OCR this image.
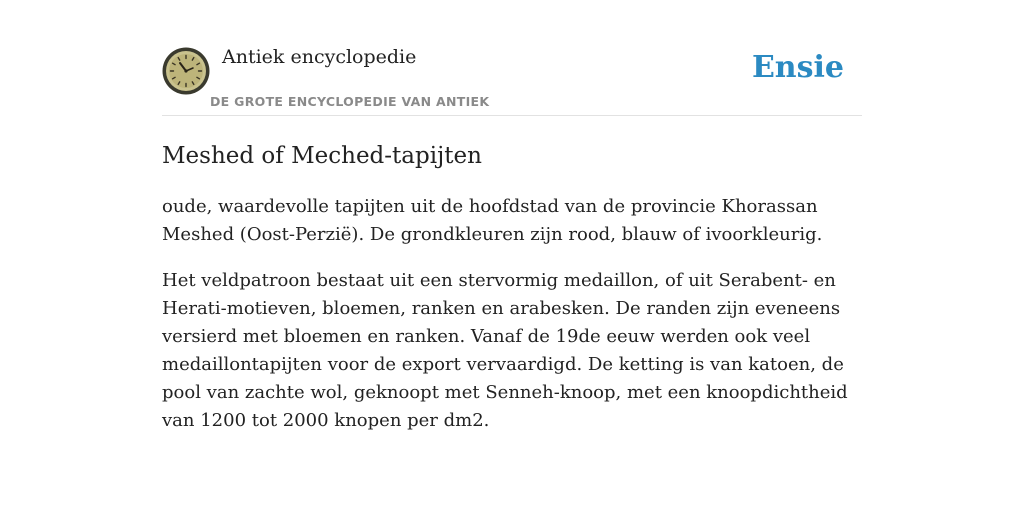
Antiek encyclopedie
DE GROTE ENCYCLOPEDIE VAN ANTIEK
Ensie
Meshed of Meched-tapijten

oude, waardevolle tapijten uit de hoofdstad van de provincie Khorassan Meshed (Oost-Perzië). De grondkleuren zijn rood, blauw of ivoorkleurig.

Het veldpatroon bestaat uit een stervormig medaillon, of uit Serabent- en Herati-motieven, bloemen, ranken en arabesken. De randen zijn eveneens versierd met bloemen en ranken. Vanaf de 19de eeuw werden ook veel medaillontapijten voor de export vervaardigd. De ketting is van katoen, de pool van zachte wol, geknoopt met Senneh-knoop, met een knoopdichtheid van 1200 tot 2000 knopen per dm2.
